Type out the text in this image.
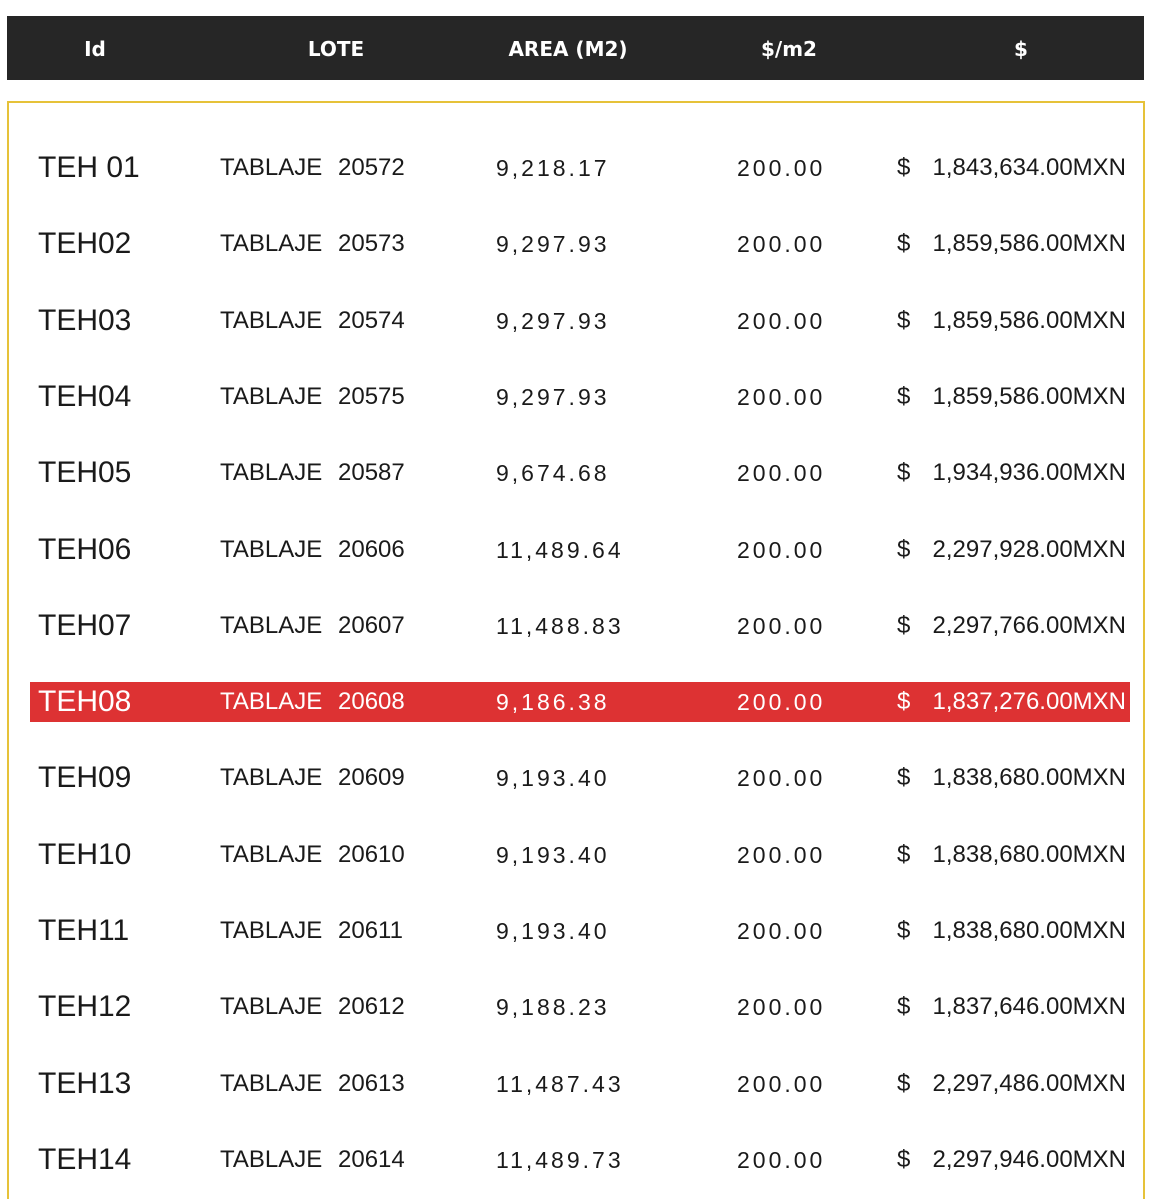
Id	LOTE	AREA (M2)	$/m2	$
TEH 01	TABLAJE 20572	9,218.17	200.00	$ 1,843,634.00MXN
TEH02	TABLAJE 20573	9,297.93	200.00	$ 1,859,586.00MXN
TEH03	TABLAJE 20574	9,297.93	200.00	$ 1,859,586.00MXN
TEH04	TABLAJE 20575	9,297.93	200.00	$ 1,859,586.00MXN
TEH05	TABLAJE 20587	9,674.68	200.00	$ 1,934,936.00MXN
TEH06	TABLAJE 20606	11,489.64	200.00	$ 2,297,928.00MXN
TEH07	TABLAJE 20607	11,488.83	200.00	$ 2,297,766.00MXN
TEH08	TABLAJE 20608	9,186.38	200.00	$ 1,837,276.00MXN
TEH09	TABLAJE 20609	9,193.40	200.00	$ 1,838,680.00MXN
TEH10	TABLAJE 20610	9,193.40	200.00	$ 1,838,680.00MXN
TEH11	TABLAJE 20611	9,193.40	200.00	$ 1,838,680.00MXN
TEH12	TABLAJE 20612	9,188.23	200.00	$ 1,837,646.00MXN
TEH13	TABLAJE 20613	11,487.43	200.00	$ 2,297,486.00MXN
TEH14	TABLAJE 20614	11,489.73	200.00	$ 2,297,946.00MXN
